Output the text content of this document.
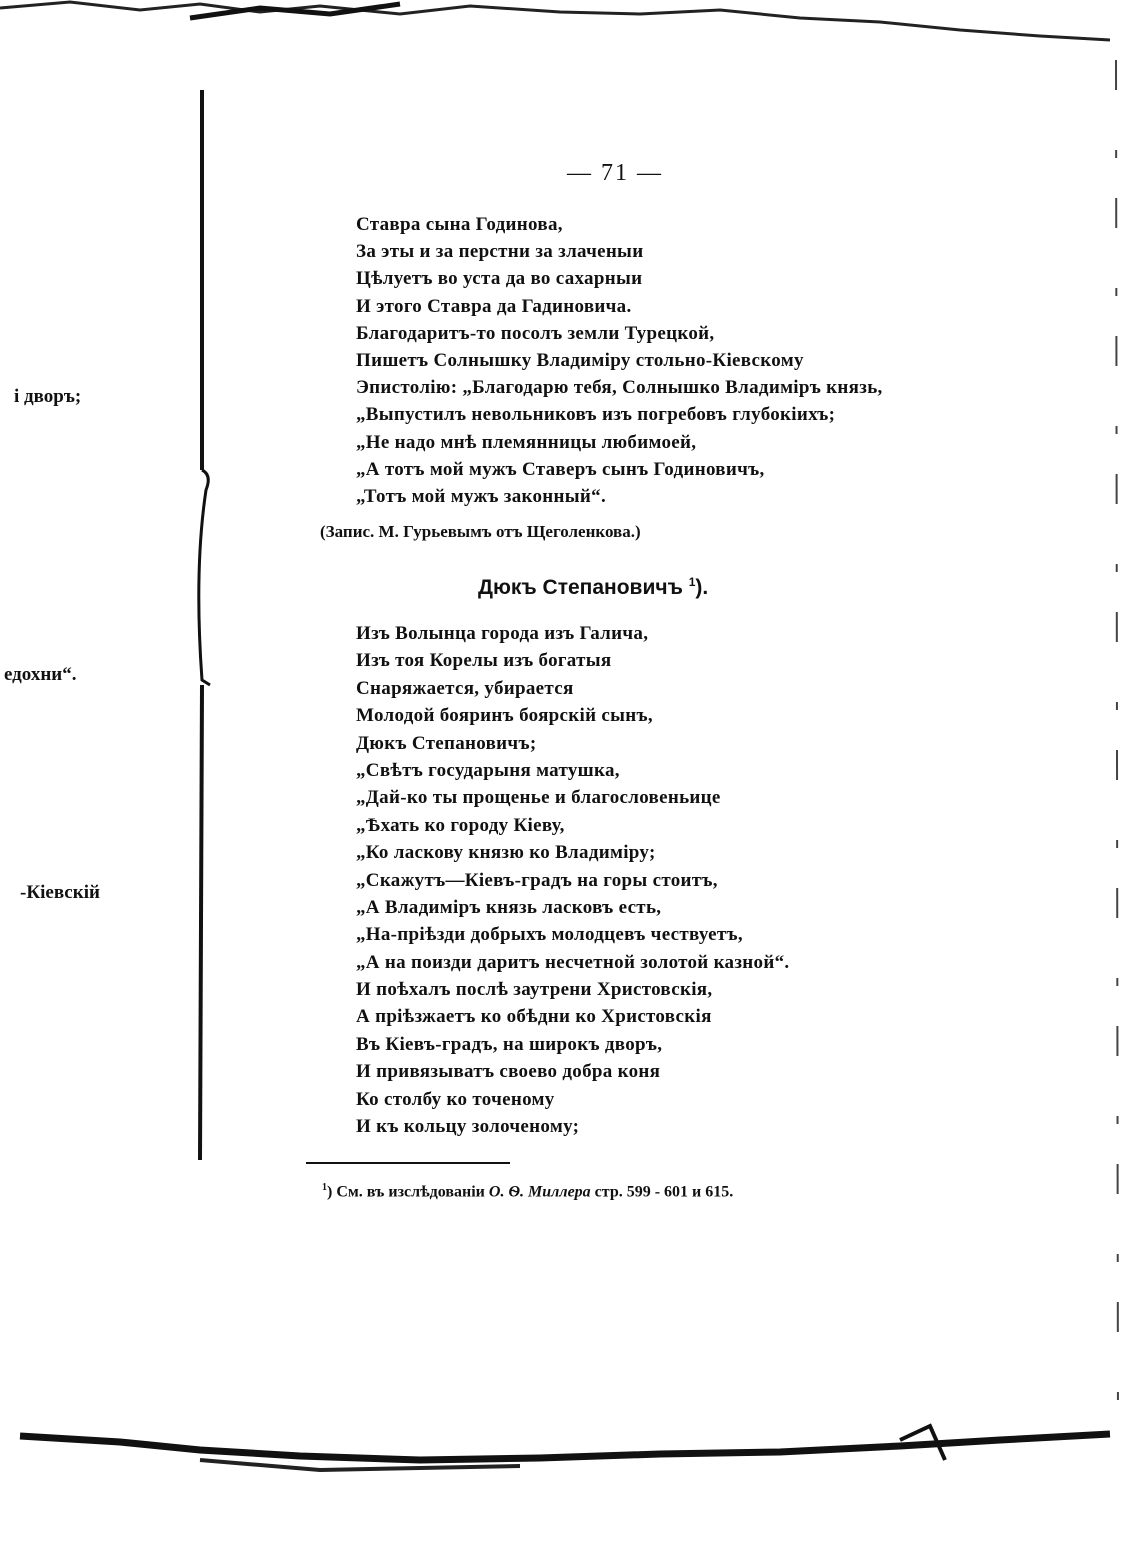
і дворъ;
едохни“.
-Кіевскій
— 71 —
Ставра сына Годинова,
За эты и за перстни за злаченыи
Цѣлуетъ во уста да во сахарныи
И этого Ставра да Гадиновича.
Благодаритъ-то посолъ земли Турецкой,
Пишетъ Солнышку Владиміру стольно-Кіевскому
Эпистолію: „Благодарю тебя, Солнышко Владиміръ князь,
„Выпустилъ невольниковъ изъ погребовъ глубокіихъ;
„Не надо мнѣ племянницы любимоей,
„А тотъ мой мужъ Ставеръ сынъ Годиновичъ,
„Тотъ мой мужъ законный“.
(Запис. М. Гурьевымъ отъ Щеголенкова.)
Дюкъ Степановичъ $^1$).
Изъ Волынца города изъ Галича,
Изъ тоя Корелы изъ богатыя
Снаряжается, убирается
Молодой бояринъ боярскій сынъ,
Дюкъ Степановичъ;
„Свѣтъ государыня матушка,
„Дай-ко ты прощенье и благословеньице
„Ѣхать ко городу Кіеву,
„Ко ласкову князю ко Владиміру;
„Скажутъ—Кіевъ-градъ на горы стоитъ,
„А Владиміръ князь ласковъ есть,
„На-пріѣзди добрыхъ молодцевъ чествуетъ,
„А на поизди даритъ несчетной золотой казной“.
И поѣхалъ послѣ заутрени Христовскія,
А пріѣзжаетъ ко обѣдни ко Христовскія
Въ Кіевъ-градъ, на широкъ дворъ,
И привязыватъ своево добра коня
Ко столбу ко точеному
И къ кольцу золоченому;
$^1$) См. въ изслѣдованіи О. Ѳ. Миллера стр. 599 - 601 и 615.
